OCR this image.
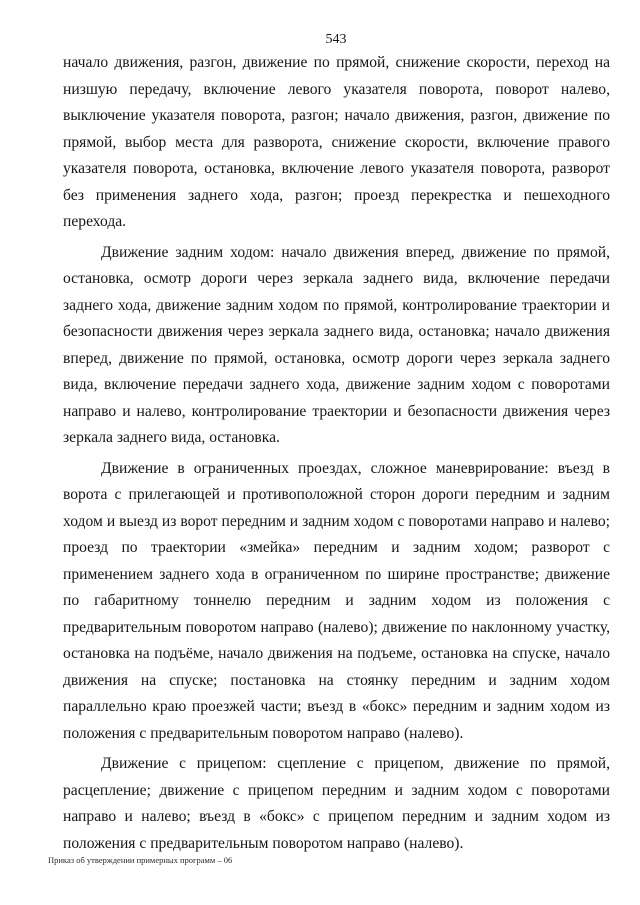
543

начало движения, разгон, движение по прямой, снижение скорости, переход на низшую передачу, включение левого указателя поворота, поворот налево, выключение указателя поворота, разгон; начало движения, разгон, движение по прямой, выбор места для разворота, снижение скорости, включение правого указателя поворота, остановка, включение левого указателя поворота, разворот без применения заднего хода, разгон; проезд перекрестка и пешеходного перехода.

Движение задним ходом: начало движения вперед, движение по прямой, остановка, осмотр дороги через зеркала заднего вида, включение передачи заднего хода, движение задним ходом по прямой, контролирование траектории и безопасности движения через зеркала заднего вида, остановка; начало движения вперед, движение по прямой, остановка, осмотр дороги через зеркала заднего вида, включение передачи заднего хода, движение задним ходом с поворотами направо и налево, контролирование траектории и безопасности движения через зеркала заднего вида, остановка.

Движение в ограниченных проездах, сложное маневрирование: въезд в ворота с прилегающей и противоположной сторон дороги передним и задним ходом и выезд из ворот передним и задним ходом с поворотами направо и налево; проезд по траектории «змейка» передним и задним ходом; разворот с применением заднего хода в ограниченном по ширине пространстве; движение по габаритному тоннелю передним и задним ходом из положения с предварительным поворотом направо (налево); движение по наклонному участку, остановка на подъёме, начало движения на подъеме, остановка на спуске, начало движения на спуске; постановка на стоянку передним и задним ходом параллельно краю проезжей части; въезд в «бокс» передним и задним ходом из положения с предварительным поворотом направо (налево).

Движение с прицепом: сцепление с прицепом, движение по прямой, расцепление; движение с прицепом передним и задним ходом с поворотами направо и налево; въезд в «бокс» с прицепом передним и задним ходом из положения с предварительным поворотом направо (налево).

Приказ об утверждении примерных программ – 06
